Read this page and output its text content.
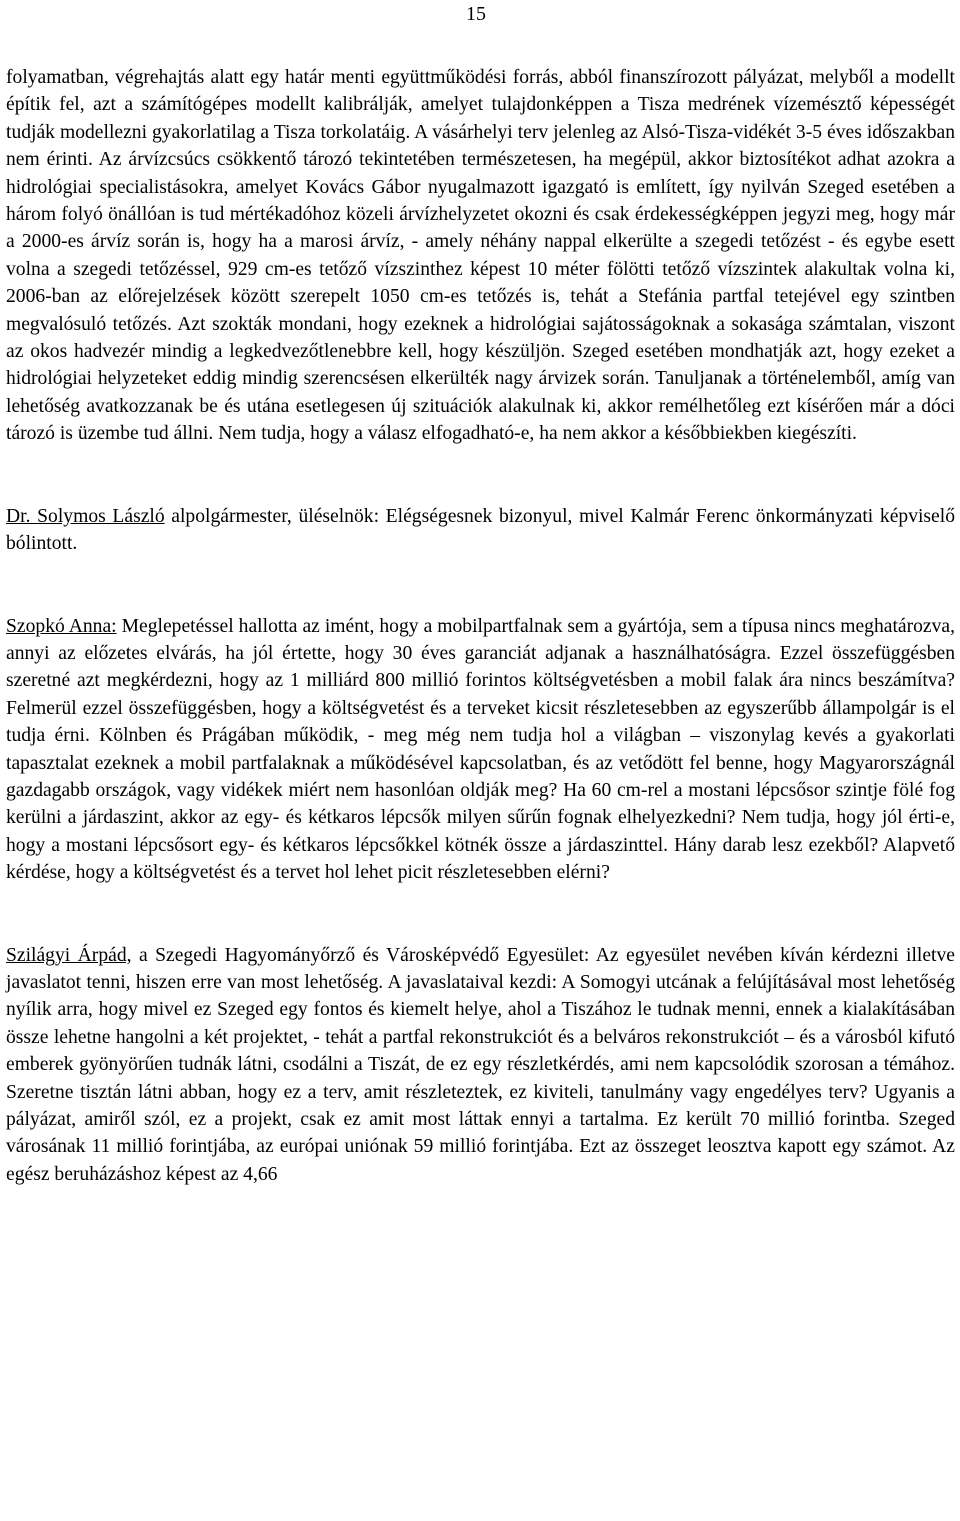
15

folyamatban, végrehajtás alatt egy határ menti együttműködési forrás, abból finanszírozott pályázat, melyből a modellt építik fel, azt a számítógépes modellt kalibrálják, amelyet tulajdonképpen a Tisza medrének vízemésztő képességét tudják modellezni gyakorlatilag a Tisza torkolatáig. A vásárhelyi terv jelenleg az Alsó-Tisza-vidékét 3-5 éves időszakban nem érinti. Az árvízcsúcs csökkentő tározó tekintetében természetesen, ha megépül, akkor biztosítékot adhat azokra a hidrológiai specialistásokra, amelyet Kovács Gábor nyugalmazott igazgató is említett, így nyilván Szeged esetében a három folyó önállóan is tud mértékadóhoz közeli árvízhelyzetet okozni és csak érdekességképpen jegyzi meg, hogy már a 2000-es árvíz során is, hogy ha a marosi árvíz, - amely néhány nappal elkerülte a szegedi tetőzést - és egybe esett volna a szegedi tetőzéssel, 929 cm-es tetőző vízszinthez képest 10 méter fölötti tetőző vízszintek alakultak volna ki, 2006-ban az előrejelzések között szerepelt 1050 cm-es tetőzés is, tehát a Stefánia partfal tetejével egy szintben megvalósuló tetőzés. Azt szokták mondani, hogy ezeknek a hidrológiai sajátosságoknak a sokasága számtalan, viszont az okos hadvezér mindig a legkedvezőtlenebbre kell, hogy készüljön. Szeged esetében mondhatják azt, hogy ezeket a hidrológiai helyzeteket eddig mindig szerencsésen elkerülték nagy árvizek során. Tanuljanak a történelemből, amíg van lehetőség avatkozzanak be és utána esetlegesen új szituációk alakulnak ki, akkor remélhetőleg ezt kísérően már a dóci tározó is üzembe tud állni. Nem tudja, hogy a válasz elfogadható-e, ha nem akkor a későbbiekben kiegészíti.

Dr. Solymos László alpolgármester, üléselnök: Elégségesnek bizonyul, mivel Kalmár Ferenc önkormányzati képviselő bólintott.

Szopkó Anna: Meglepetéssel hallotta az imént, hogy a mobilpartfalnak sem a gyártója, sem a típusa nincs meghatározva, annyi az előzetes elvárás, ha jól értette, hogy 30 éves garanciát adjanak a használhatóságra. Ezzel összefüggésben szeretné azt megkérdezni, hogy az 1 milliárd 800 millió forintos költségvetésben a mobil falak ára nincs beszámítva? Felmerül ezzel összefüggésben, hogy a költségvetést és a terveket kicsit részletesebben az egyszerűbb állampolgár is el tudja érni. Kölnben és Prágában működik, - meg még nem tudja hol a világban – viszonylag kevés a gyakorlati tapasztalat ezeknek a mobil partfalaknak a működésével kapcsolatban, és az vetődött fel benne, hogy Magyarországnál gazdagabb országok, vagy vidékek miért nem hasonlóan oldják meg? Ha 60 cm-rel a mostani lépcsősor szintje fölé fog kerülni a járdaszint, akkor az egy- és kétkaros lépcsők milyen sűrűn fognak elhelyezkedni? Nem tudja, hogy jól érti-e, hogy a mostani lépcsősort egy- és kétkaros lépcsőkkel kötnék össze a járdaszinttel. Hány darab lesz ezekből? Alapvető kérdése, hogy a költségvetést és a tervet hol lehet picit részletesebben elérni?

Szilágyi Árpád, a Szegedi Hagyományőrző és Városképvédő Egyesület: Az egyesület nevében kíván kérdezni illetve javaslatot tenni, hiszen erre van most lehetőség. A javaslataival kezdi: A Somogyi utcának a felújításával most lehetőség nyílik arra, hogy mivel ez Szeged egy fontos és kiemelt helye, ahol a Tiszához le tudnak menni, ennek a kialakításában össze lehetne hangolni a két projektet, - tehát a partfal rekonstrukciót és a belváros rekonstrukciót – és a városból kifutó emberek gyönyörűen tudnák látni, csodálni a Tiszát, de ez egy részletkérdés, ami nem kapcsolódik szorosan a témához. Szeretne tisztán látni abban, hogy ez a terv, amit részleteztek, ez kiviteli, tanulmány vagy engedélyes terv? Ugyanis a pályázat, amiről szól, ez a projekt, csak ez amit most láttak ennyi a tartalma. Ez került 70 millió forintba. Szeged városának 11 millió forintjába, az európai uniónak 59 millió forintjába. Ezt az összeget leosztva kapott egy számot. Az egész beruházáshoz képest az 4,66
